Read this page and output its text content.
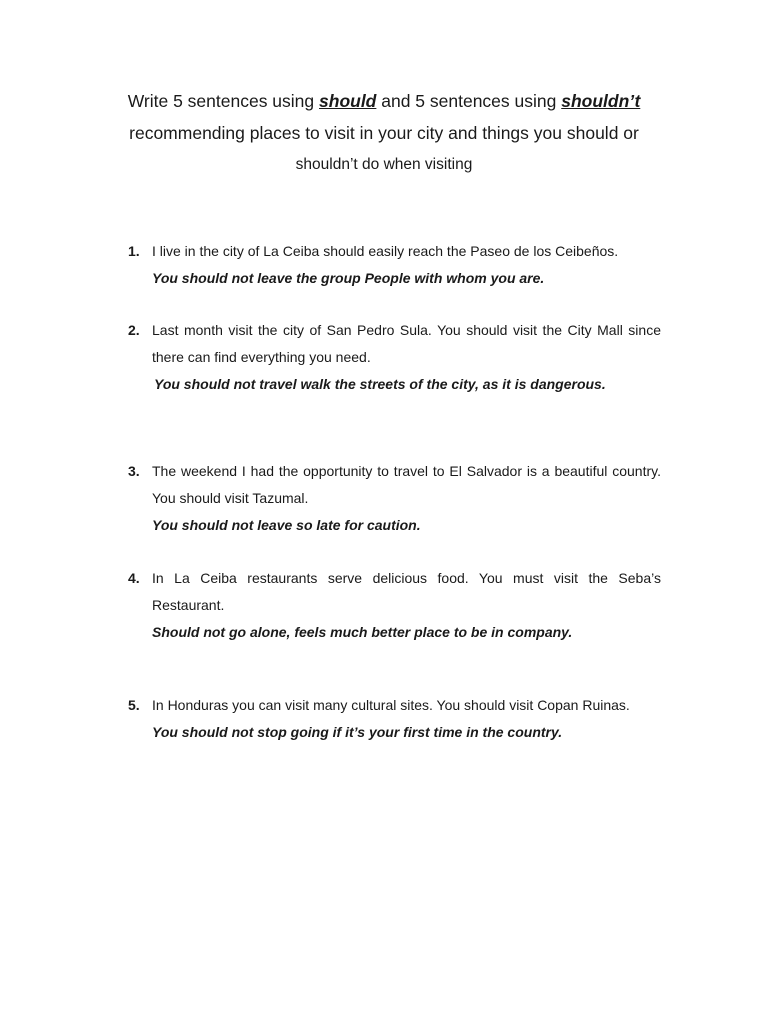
Write 5 sentences using should and 5 sentences using shouldn’t
recommending places to visit in your city and things you should or
shouldn’t do when visiting
1. I live in the city of La Ceiba should easily reach the Paseo de los Ceibeños.

You should not leave the group People with whom you are.

2. Last month visit the city of San Pedro Sula. You should visit the City Mall since there can find everything you need.

You should not travel walk the streets of the city, as it is dangerous.

3. The weekend I had the opportunity to travel to El Salvador is a beautiful country. You should visit Tazumal.

You should not leave so late for caution.

4. In La Ceiba restaurants serve delicious food. You must visit the Seba’s Restaurant.

Should not go alone, feels much better place to be in company.

5. In Honduras you can visit many cultural sites. You should visit Copan Ruinas.

You should not stop going if it’s your first time in the country.
